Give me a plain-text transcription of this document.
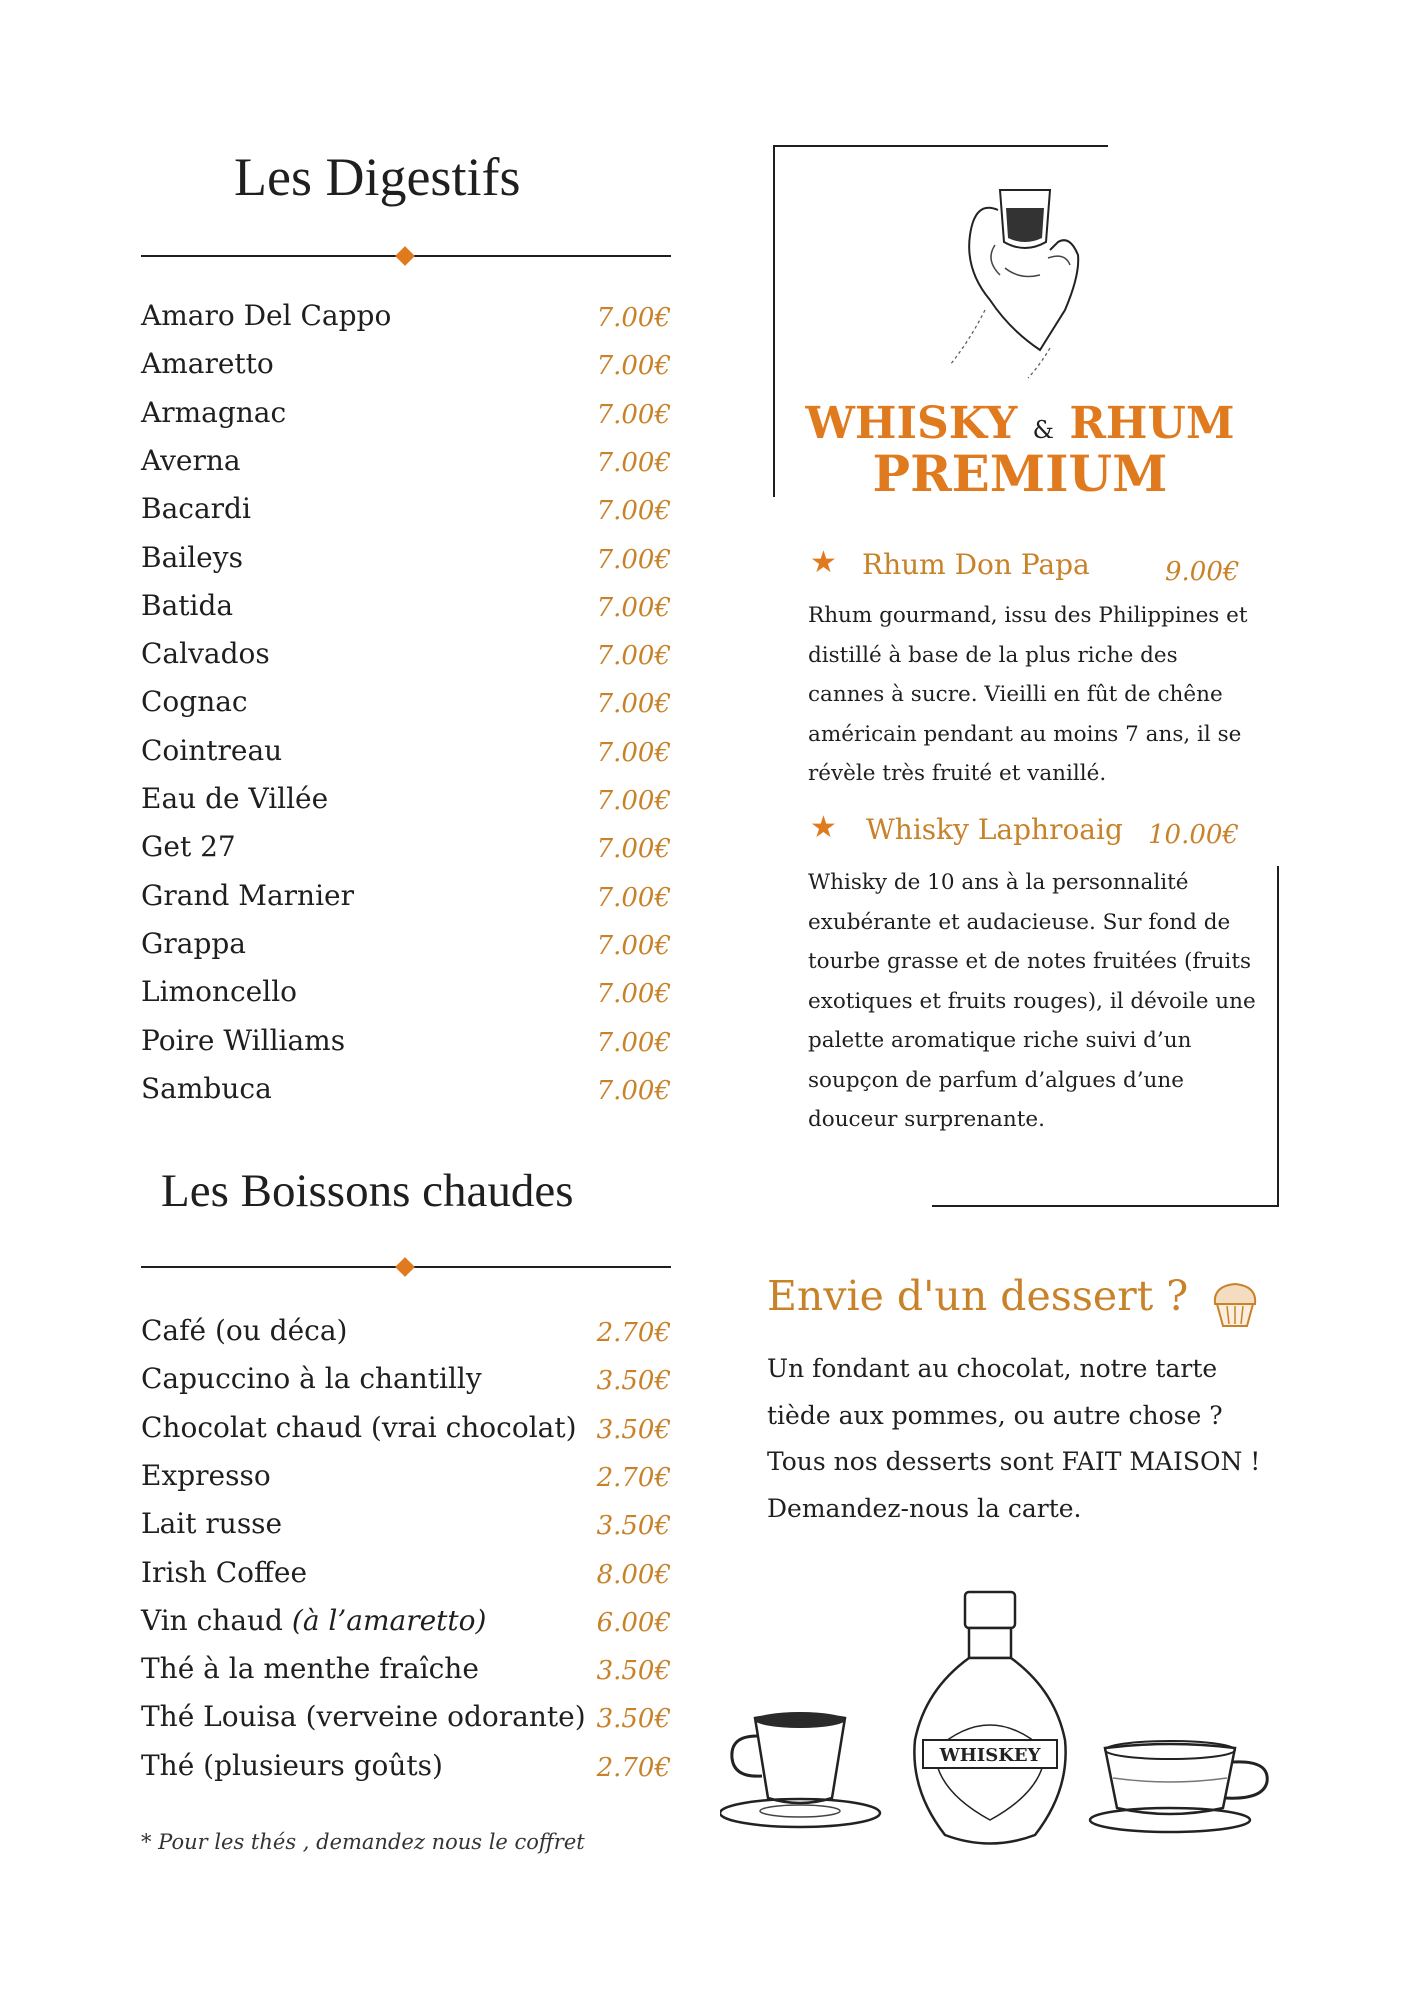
Les Digestifs
Amaro Del Cappo	7.00€
Amaretto	7.00€
Armagnac	7.00€
Averna	7.00€
Bacardi	7.00€
Baileys	7.00€
Batida	7.00€
Calvados	7.00€
Cognac	7.00€
Cointreau	7.00€
Eau de Villée	7.00€
Get 27	7.00€
Grand Marnier	7.00€
Grappa	7.00€
Limoncello	7.00€
Poire Williams	7.00€
Sambuca	7.00€
Les Boissons chaudes
Café (ou déca)	2.70€
Capuccino à la chantilly	3.50€
Chocolat chaud (vrai chocolat) 3.50€
Expresso	2.70€
Lait russe	3.50€
Irish Coffee	8.00€
Vin chaud (à l’amaretto)	6.00€
Thé à la menthe fraîche	3.50€
Thé Louisa (verveine odorante) 3.50€
Thé (plusieurs goûts)	2.70€
* Pour les thés , demandez nous le coffret
WHISKY & RHUM
PREMIUM
★ Rhum Don Papa	9.00€

Rhum gourmand, issu des Philippines et distillé à base de la plus riche des cannes à sucre. Vieilli en fût de chêne américain pendant au moins 7 ans, il se révèle très fruité et vanillé.

★ Whisky Laphroaig 10.00€

Whisky de 10 ans à la personnalité exubérante et audacieuse. Sur fond de tourbe grasse et de notes fruitées (fruits exotiques et fruits rouges), il dévoile une palette aromatique riche suivi d’un soupçon de parfum d’algues d’une douceur surprenante.

Envie d'un dessert ?

Un fondant au chocolat, notre tarte tiède aux pommes, ou autre chose ? Tous nos desserts sont FAIT MAISON ! Demandez-nous la carte.

WHISKEY
